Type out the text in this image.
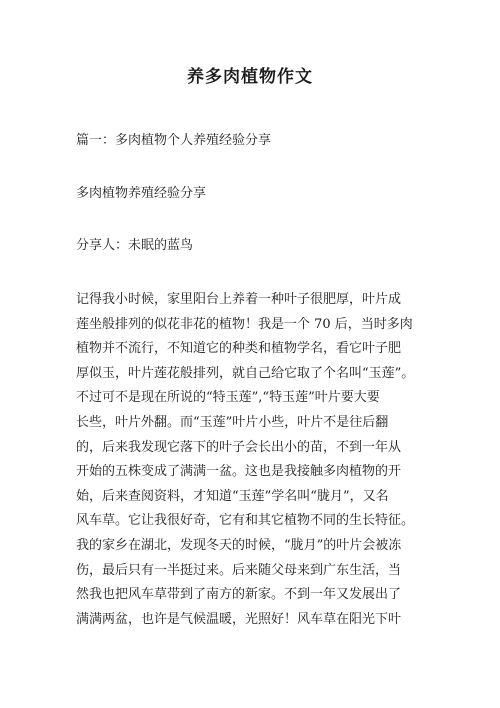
养多肉植物作文
篇一：多肉植物个人养殖经验分享
多肉植物养殖经验分享
分享人：未眠的蓝鸟
记得我小时候，家里阳台上养着一种叶子很肥厚，叶片成
莲坐般排列的似花非花的植物！我是一个 70 后，当时多肉
植物并不流行，不知道它的种类和植物学名，看它叶子肥
厚似玉，叶片莲花般排列，就自己给它取了个名叫“玉莲”。
不过可不是现在所说的“特玉莲”,“特玉莲”叶片要大要
长些，叶片外翻。而“玉莲”叶片小些，叶片不是往后翻
的，后来我发现它落下的叶子会长出小的苗，不到一年从
开始的五株变成了满满一盆。这也是我接触多肉植物的开
始，后来查阅资料，才知道“玉莲”学名叫“胧月”，又名
风车草。它让我很好奇，它有和其它植物不同的生长特征。
我的家乡在湖北，发现冬天的时候，“胧月”的叶片会被冻
伤，最后只有一半挺过来。后来随父母来到广东生活，当
然我也把风车草带到了南方的新家。不到一年又发展出了
满满两盆，也许是气候温暖，光照好！风车草在阳光下叶
